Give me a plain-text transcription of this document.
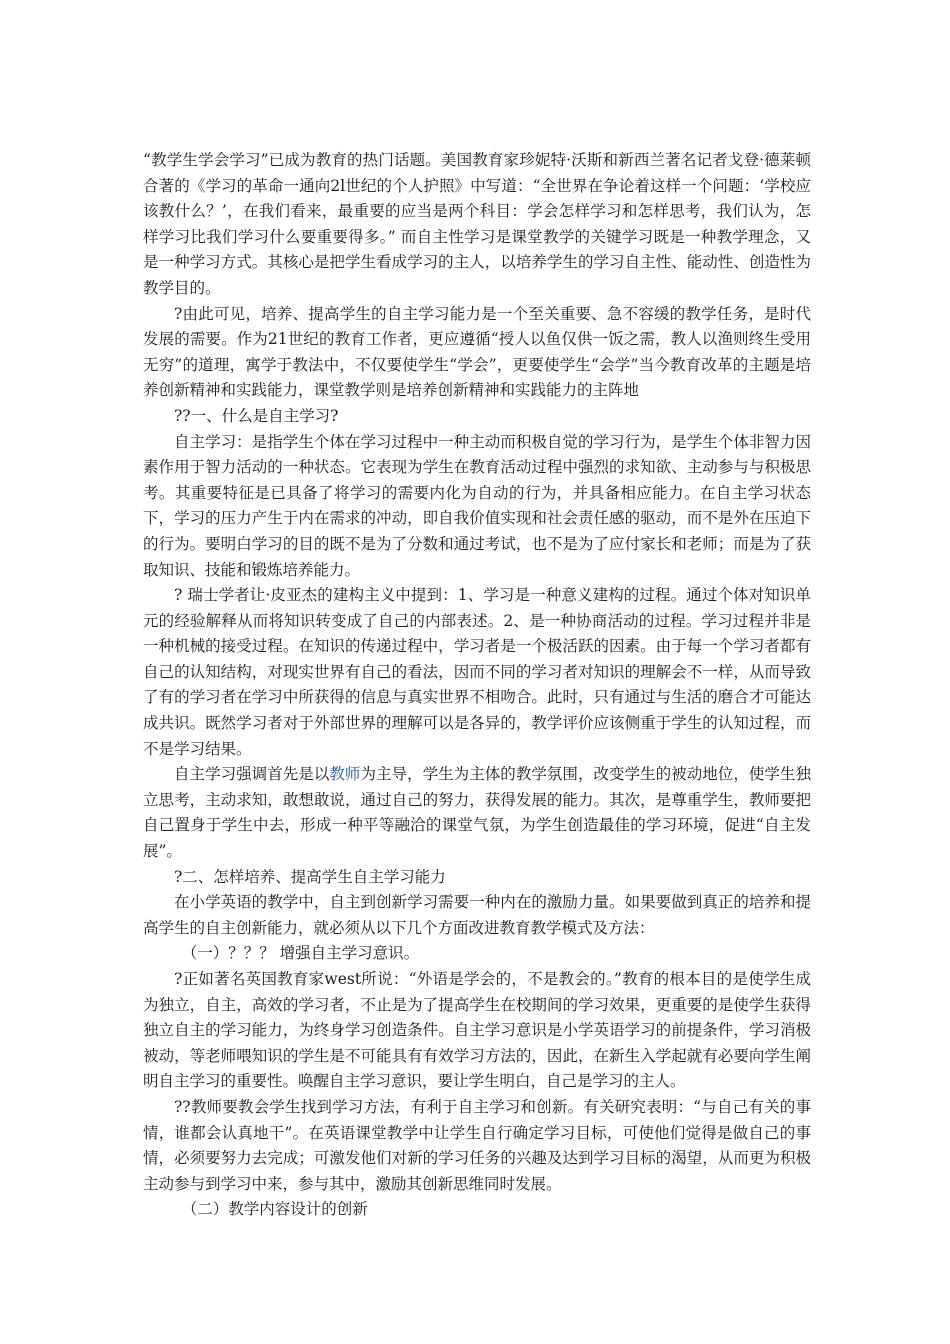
“教学生学会学习”已成为教育的热门话题。美国教育家珍妮特·沃斯和新西兰著名记者戈登·德莱顿合著的《学习的革命一通向2l世纪的个人护照》中写道：“全世界在争论着这样一个问题：‘学校应该教什么？’，在我们看来，最重要的应当是两个科目：学会怎样学习和怎样思考，我们认为，怎样学习比我们学习什么要重要得多。” 而自主性学习是课堂教学的关键学习既是一种教学理念，又是一种学习方式。其核心是把学生看成学习的主人，以培养学生的学习自主性、能动性、创造性为教学目的。

?由此可见，培养、提高学生的自主学习能力是一个至关重要、急不容缓的教学任务，是时代发展的需要。作为21世纪的教育工作者，更应遵循“授人以鱼仅供一饭之需，教人以渔则终生受用无穷”的道理，寓学于教法中，不仅要使学生“学会”，更要使学生“会学”当今教育改革的主题是培养创新精神和实践能力，课堂教学则是培养创新精神和实践能力的主阵地

??一、什么是自主学习?

自主学习：是指学生个体在学习过程中一种主动而积极自觉的学习行为，是学生个体非智力因素作用于智力活动的一种状态。它表现为学生在教育活动过程中强烈的求知欲、主动参与与积极思考。其重要特征是已具备了将学习的需要内化为自动的行为，并具备相应能力。在自主学习状态下，学习的压力产生于内在需求的冲动，即自我价值实现和社会责任感的驱动，而不是外在压迫下的行为。要明白学习的目的既不是为了分数和通过考试，也不是为了应付家长和老师；而是为了获取知识、技能和锻炼培养能力。

? 瑞士学者让·皮亚杰的建构主义中提到：1、学习是一种意义建构的过程。通过个体对知识单元的经验解释从而将知识转变成了自己的内部表述。2、是一种协商活动的过程。学习过程并非是一种机械的接受过程。在知识的传递过程中，学习者是一个极活跃的因素。由于每一个学习者都有自己的认知结构，对现实世界有自己的看法，因而不同的学习者对知识的理解会不一样，从而导致了有的学习者在学习中所获得的信息与真实世界不相吻合。此时，只有通过与生活的磨合才可能达成共识。既然学习者对于外部世界的理解可以是各异的，教学评价应该侧重于学生的认知过程，而不是学习结果。

自主学习强调首先是以教师为主导，学生为主体的教学氛围，改变学生的被动地位，使学生独立思考，主动求知，敢想敢说，通过自己的努力，获得发展的能力。其次，是尊重学生，教师要把自己置身于学生中去，形成一种平等融洽的课堂气氛，为学生创造最佳的学习环境，促进“自主发展”。

?二、怎样培养、提高学生自主学习能力

在小学英语的教学中，自主到创新学习需要一种内在的激励力量。如果要做到真正的培养和提高学生的自主创新能力，就必须从以下几个方面改进教育教学模式及方法：

（一）？？？ 增强自主学习意识。

?正如著名英国教育家west所说：“外语是学会的，不是教会的。”教育的根本目的是使学生成为独立，自主，高效的学习者，不止是为了提高学生在校期间的学习效果，更重要的是使学生获得独立自主的学习能力，为终身学习创造条件。自主学习意识是小学英语学习的前提条件，学习消极被动，等老师喂知识的学生是不可能具有有效学习方法的，因此，在新生入学起就有必要向学生阐明自主学习的重要性。唤醒自主学习意识，要让学生明白，自己是学习的主人。

??教师要教会学生找到学习方法，有利于自主学习和创新。有关研究表明：“与自己有关的事情，谁都会认真地干”。在英语课堂教学中让学生自行确定学习目标，可使他们觉得是做自己的事情，必须要努力去完成；可激发他们对新的学习任务的兴趣及达到学习目标的渴望，从而更为积极主动参与到学习中来，参与其中，激励其创新思维同时发展。

（二）教学内容设计的创新
